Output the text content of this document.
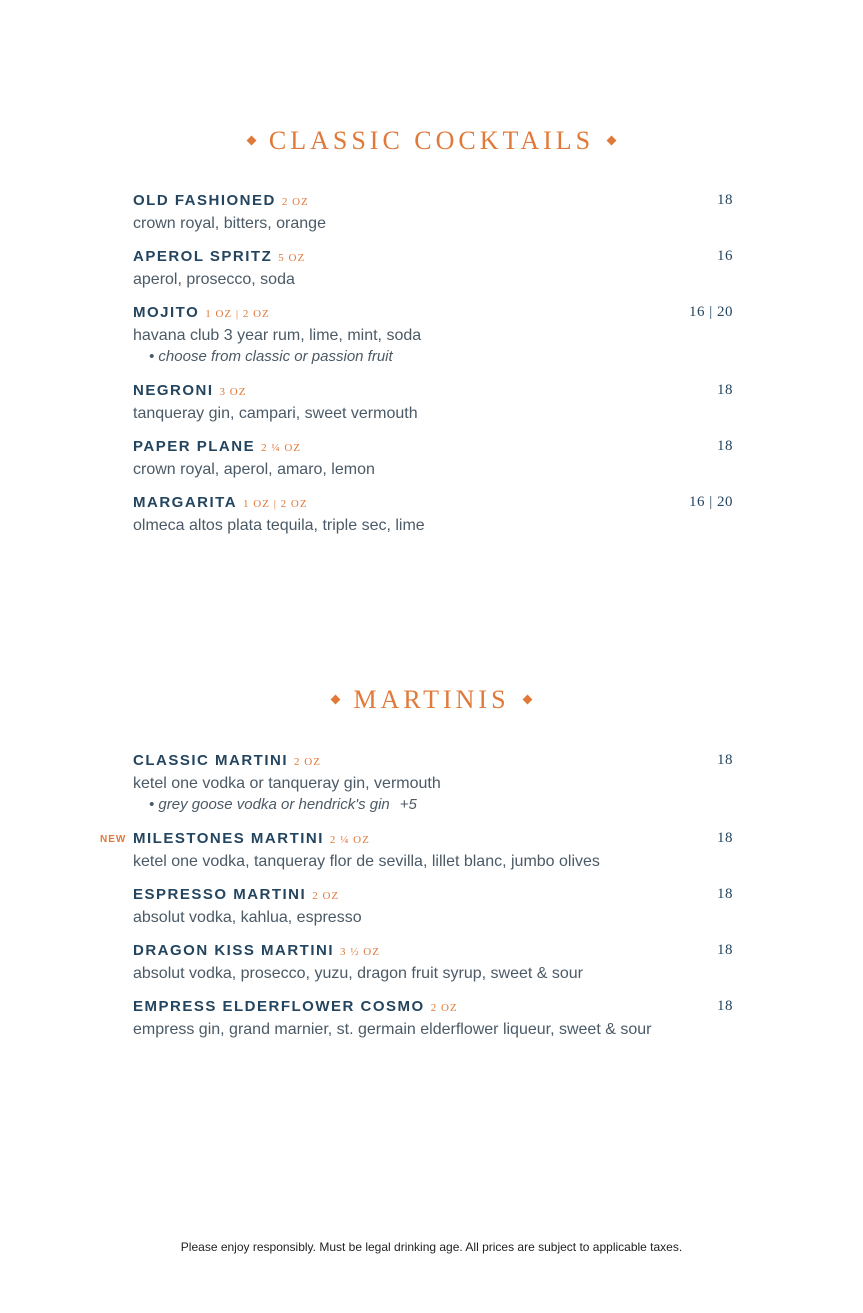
CLASSIC COCKTAILS
OLD FASHIONED 2 OZ	18
crown royal, bitters, orange
APEROL SPRITZ 5 OZ	16
aperol, prosecco, soda
MOJITO 1 OZ | 2 OZ	16 | 20
havana club 3 year rum, lime, mint, soda
• choose from classic or passion fruit
NEGRONI 3 OZ	18
tanqueray gin, campari, sweet vermouth
PAPER PLANE 2 ¼ OZ	18
crown royal, aperol, amaro, lemon
MARGARITA 1 OZ | 2 OZ	16 | 20
olmeca altos plata tequila, triple sec, lime
MARTINIS
CLASSIC MARTINI 2 OZ	18
ketel one vodka or tanqueray gin, vermouth
• grey goose vodka or hendrick's gin +5
NEW MILESTONES MARTINI 2 ¼ OZ	18
ketel one vodka, tanqueray flor de sevilla, lillet blanc, jumbo olives
ESPRESSO MARTINI 2 OZ	18
absolut vodka, kahlua, espresso
DRAGON KISS MARTINI 3 ½ OZ	18
absolut vodka, prosecco, yuzu, dragon fruit syrup, sweet & sour
EMPRESS ELDERFLOWER COSMO 2 OZ	18
empress gin, grand marnier, st. germain elderflower liqueur, sweet & sour
Please enjoy responsibly. Must be legal drinking age. All prices are subject to applicable taxes.
